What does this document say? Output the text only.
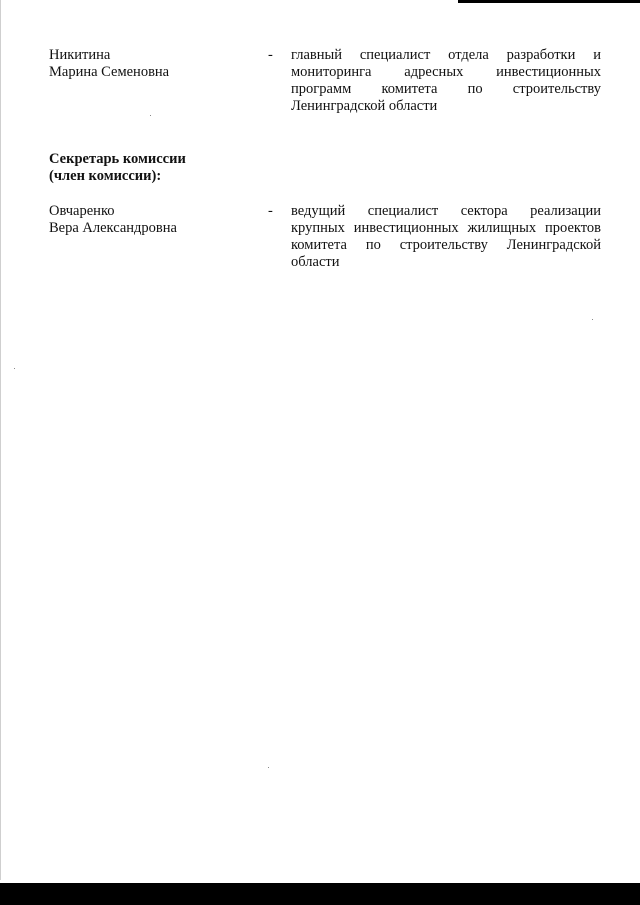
Никитина
Марина Семеновна
- главный специалист отдела разработки и
мониторинга адресных инвестиционных
программ комитета по строительству
Ленинградской области
Секретарь комиссии
(член комиссии):
Овчаренко
Вера Александровна
- ведущий специалист сектора реализации
крупных инвестиционных жилищных проектов
комитета по строительству Ленинградской
области
